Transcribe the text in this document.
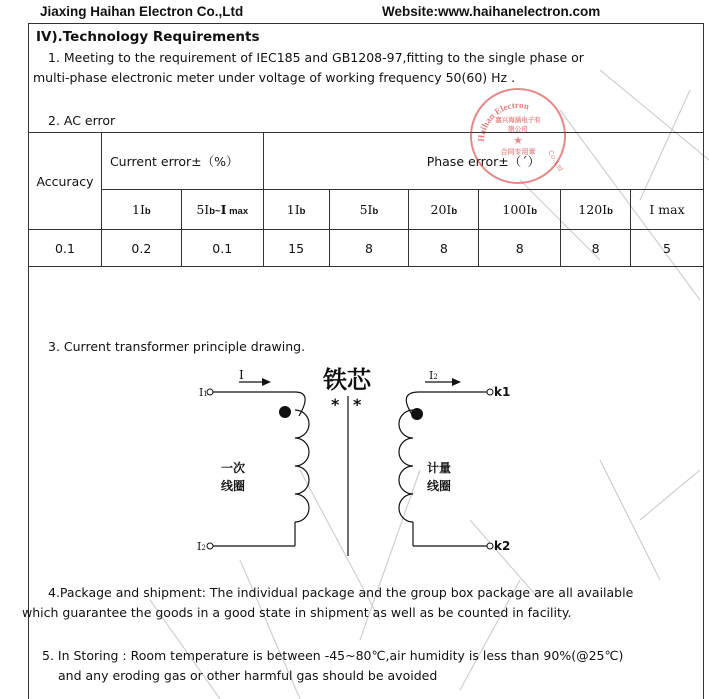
Jiaxing Haihan Electron Co.,Ltd	Website:www.haihanelectron.com
IV).Technology Requirements
1. Meeting to the requirement of IEC185 and GB1208-97,fitting to the single phase or
multi-phase electronic meter under voltage of working frequency 50(60) Hz .
2. AC error
Accuracy	Current error±（%）		Phase error±（´）					
	1Ib	5Ib~I max	1Ib	5Ib	20Ib	100Ib	120Ib	I max
0.1	0.2	0.1	15	8	8	8	8	5
Haihan Electron
Co.,Ltd
嘉兴海涵电子有限公司
★
合同专用章
3. Current transformer principle drawing.
铁芯
* *
I
I1
I2
I2
一次
线圈
计量
线圈
k1
k2
4.Package and shipment: The individual package and the group box package are all available
which guarantee the goods in a good state in shipment as well as be counted in facility.
5. In Storing : Room temperature is between -45~80℃,air humidity is less than 90%(@25℃)
and any eroding gas or other harmful gas should be avoided
